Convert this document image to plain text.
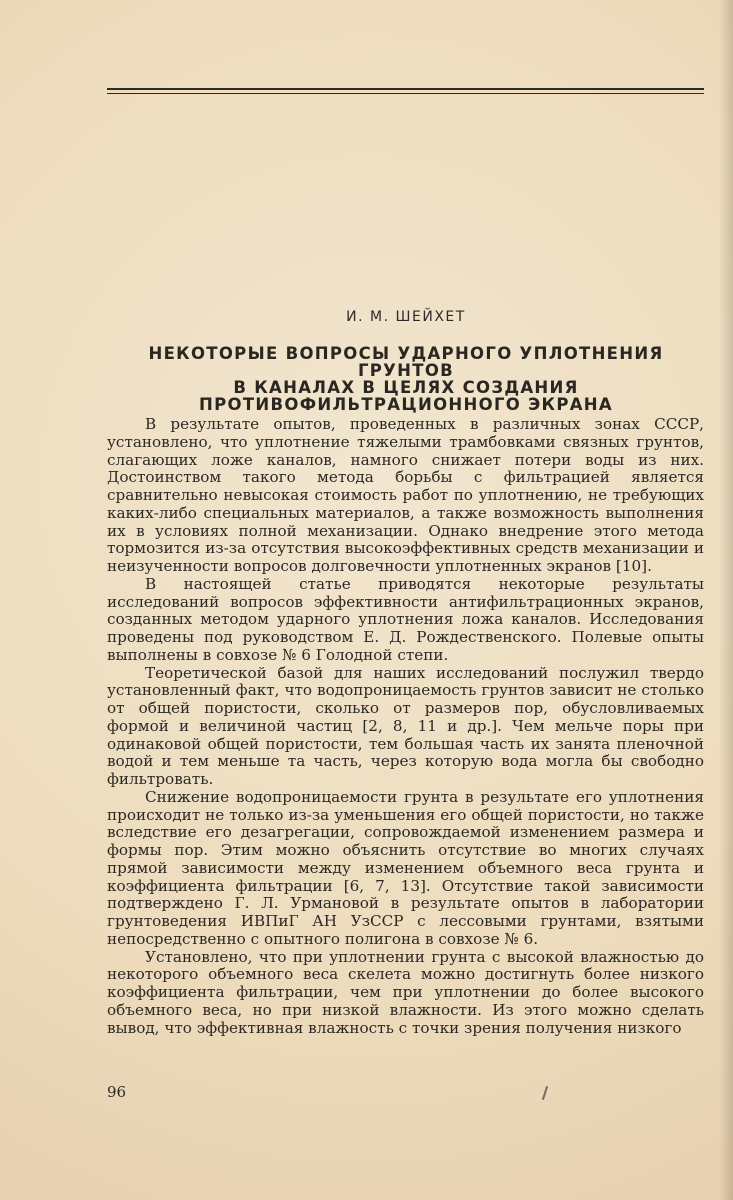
И. М. ШЕЙХЕТ
НЕКОТОРЫЕ ВОПРОСЫ УДАРНОГО УПЛОТНЕНИЯ ГРУНТОВ
В КАНАЛАХ В ЦЕЛЯХ СОЗДАНИЯ
ПРОТИВОФИЛЬТРАЦИОННОГО ЭКРАНА

В результате опытов, проведенных в различных зонах СССР, установлено, что уплотнение тяжелыми трамбовками связных грунтов, слагающих ложе каналов, намного снижает потери воды из них. Достоинством такого метода борьбы с фильтрацией является сравнительно невысокая стоимость работ по уплотнению, не требующих каких-либо специальных материалов, а также возможность выполнения их в условиях полной механизации. Однако внедрение этого метода тормозится из-за отсутствия высокоэффективных средств механизации и неизученности вопросов долговечности уплотненных экранов [10].

В настоящей статье приводятся некоторые результаты исследований вопросов эффективности антифильтрационных экранов, созданных методом ударного уплотнения ложа каналов. Исследования проведены под руководством Е. Д. Рождественского. Полевые опыты выполнены в совхозе № 6 Голодной степи.

Теоретической базой для наших исследований послужил твердо установленный факт, что водопроницаемость грунтов зависит не столько от общей пористости, сколько от размеров пор, обусловливаемых формой и величиной частиц [2, 8, 11 и др.]. Чем мельче поры при одинаковой общей пористости, тем большая часть их занята пленочной водой и тем меньше та часть, через которую вода могла бы свободно фильтровать.

Снижение водопроницаемости грунта в результате его уплотнения происходит не только из-за уменьшения его общей пористости, но также вследствие его дезагрегации, сопровождаемой изменением размера и формы пор. Этим можно объяснить отсутствие во многих случаях прямой зависимости между изменением объемного веса грунта и коэффициента фильтрации [6, 7, 13]. Отсутствие такой зависимости подтверждено Г. Л. Урмановой в результате опытов в лаборатории грунтоведения ИВПиГ АН УзССР с лессовыми грунтами, взятыми непосредственно с опытного полигона в совхозе № 6.

Установлено, что при уплотнении грунта с высокой влажностью до некоторого объемного веса скелета можно достигнуть более низкого коэффициента фильтрации, чем при уплотнении до более высокого объемного веса, но при низкой влажности. Из этого можно сделать вывод, что эффективная влажность с точки зрения получения низкого

96
